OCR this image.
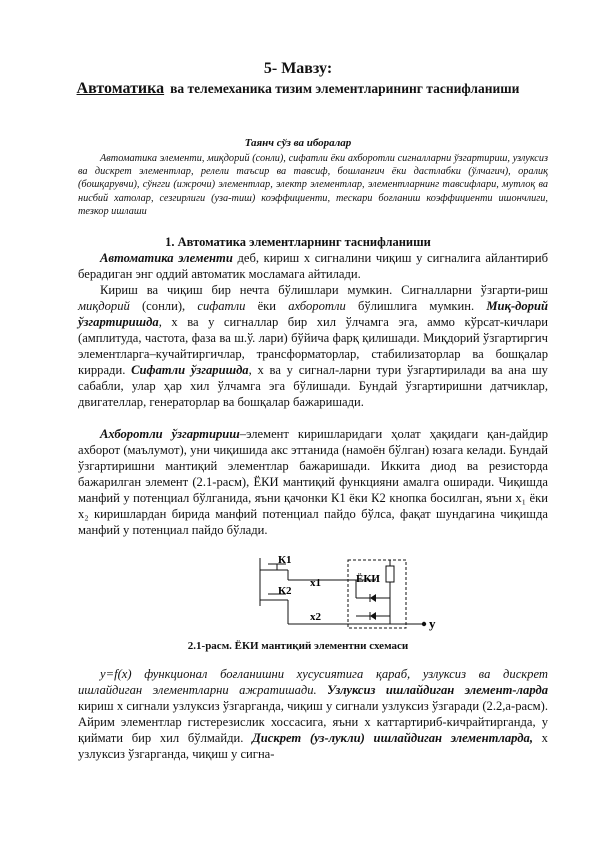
5- Мавзу:
Автоматика ва телемеханика тизим элементларининг таснифланиши
Таянч сўз ва иборалар
Автоматика элементи, миқдорий (сонли), сифатли ёки ахборотли сигналларни ўзгартириш, узлуксиз ва дискрет элементлар, релели таъсир ва тавсиф, бошланғич ёки дастлабки (ўлчагич), оралиқ (бошқарувчи), сўнгги (ижрочи) элементлар, электр элементлар, элементларнинг тавсифлари, мутлоқ ва нисбий хатолар, сезгирлиги (уза-тиш) коэффициенти, тескари боғланиш коэффициенти ишончлиги, тезкор ишлаши
1. Автоматика элементларнинг таснифланиши
Автоматика элементи деб, кириш x сигналини чиқиш y сигналига айлантириб берадиган энг оддий автоматик мосламага айтилади.
Кириш ва чиқиш бир нечта бўлишлари мумкин. Сигналларни ўзгарти-риш миқдорий (сонли), сифатли ёки ахборотли бўлишлига мумкин. Миқ-дорий ўзгартиришда, x ва y сигналлар бир хил ўлчамга эга, аммо кўрсат-кичлари (амплитуда, частота, фаза ва ш.ў. лари) бўйича фарқ қилишади. Миқдорий ўзгартиргич элементларга–кучайтиргичлар, трансформаторлар, стабилизаторлар ва бошқалар кирради. Сифатли ўзгаришда, x ва y сигнал-ларни тури ўзгартирилади ва ана шу сабабли, улар ҳар хил ўлчамга эга бўлишади. Бундай ўзгартиришни датчиклар, двигателлар, генераторлар ва бошқалар бажаришади.
Ахборотли ўзгартириш–элемент киришларидаги ҳолат ҳақидаги қан-дайдир ахборот (маълумот), уни чиқишида акс эттанида (намоён бўлган) юзага келади. Бундай ўзгартиришни мантиқий элементлар бажаришади. Иккита диод ва резисторда бажарилган элемент (2.1-расм), ЁКИ мантиқий функцияни амалга оширади. Чиқишда манфий y потенциал бўлганида, яъни қачонки К1 ёки К2 кнопка босилган, яъни x₁ ёки x₂ киришлардан бирида манфий потенциал пайдо бўлса, фақат шундагина чиқишда манфий y потенциал пайдо бўлади.
К1
К2
x1
x2
ЁКИ
у
2.1-расм. ЁКИ мантиқий элементни схемаси
y=f(x) функционал боғланишни хусусиятига қараб, узлуксиз ва дискрет ишлайдиган элементларни ажратишади. Узлуксиз ишлайдиган элемент-ларда кириш x сигнали узлуксиз ўзгарганда, чиқиш y сигнали узлуксиз ўзгаради (2.2,а-расм). Айрим элементлар гистерезислик хоссасига, яъни x каттартириб-кичрайтирганда, y қиймати бир хил бўлмайди. Дискрет (уз-лукли) ишлайдиган элементларда, x узлуксиз ўзгарганда, чиқиш y сигна-
